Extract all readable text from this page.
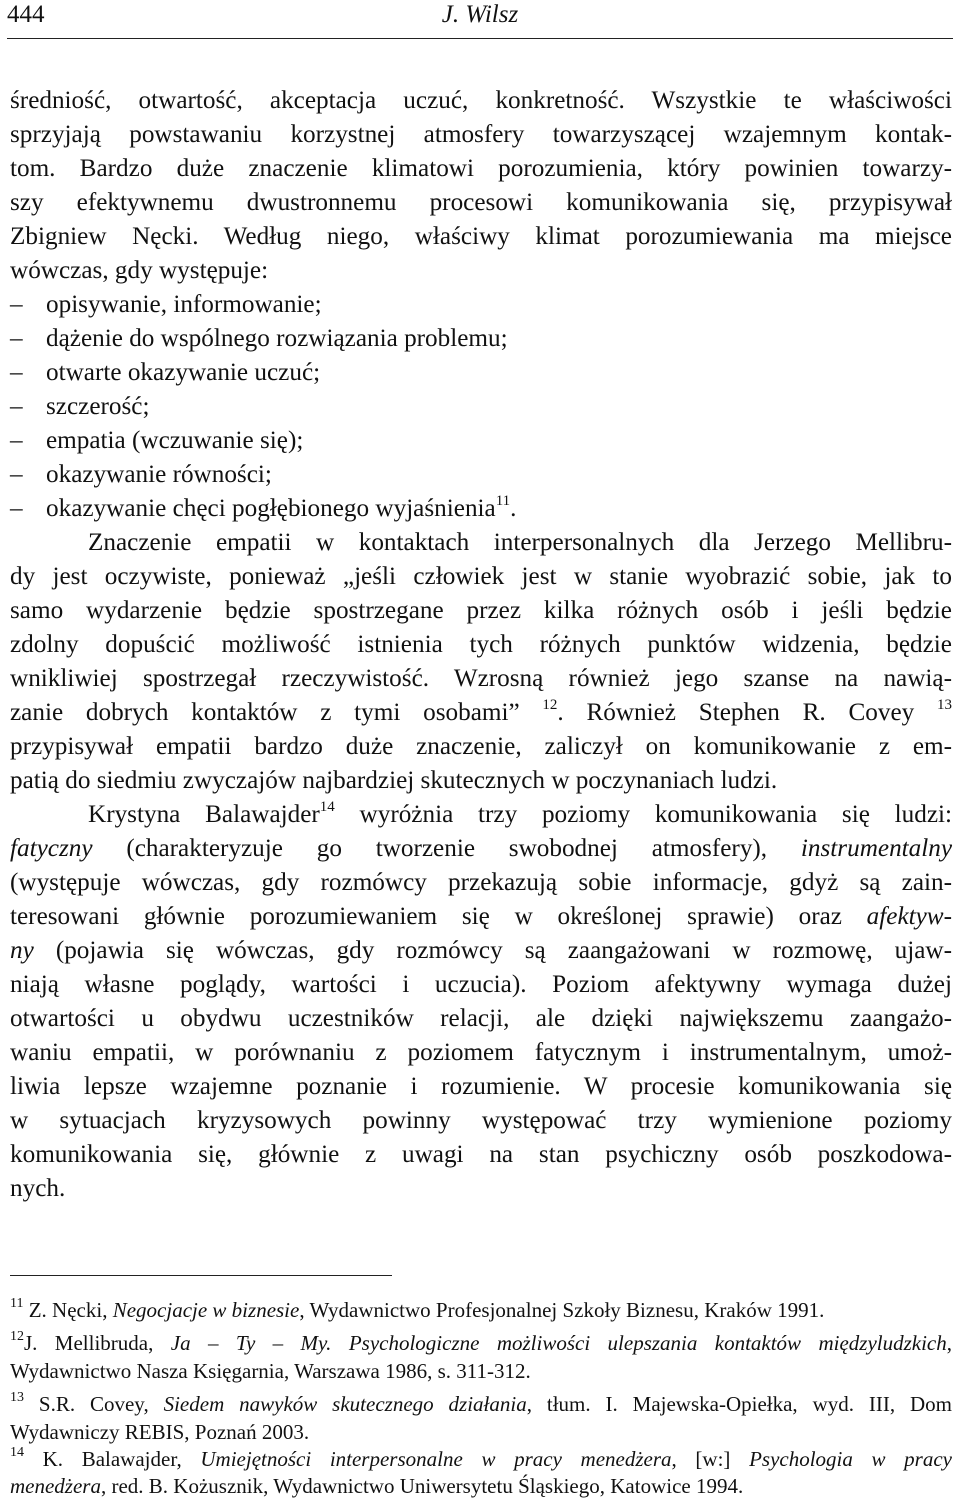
444	J. Wilsz
średniość, otwartość, akceptacja uczuć, konkretność. Wszystkie te właściwości
sprzyjają powstawaniu korzystnej atmosfery towarzyszącej wzajemnym kontak-
tom. Bardzo duże znaczenie klimatowi porozumienia, który powinien towarzy-
szy efektywnemu dwustronnemu procesowi komunikowania się, przypisywał
Zbigniew Nęcki. Według niego, właściwy klimat porozumiewania ma miejsce
wówczas, gdy występuje:
– opisywanie, informowanie;
– dążenie do wspólnego rozwiązania problemu;
– otwarte okazywanie uczuć;
– szczerość;
– empatia (wczuwanie się);
– okazywanie równości;
– okazywanie chęci pogłębionego wyjaśnienia$^{11}$.
Znaczenie empatii w kontaktach interpersonalnych dla Jerzego Mellibru-
dy jest oczywiste, ponieważ „jeśli człowiek jest w stanie wyobrazić sobie, jak to
samo wydarzenie będzie spostrzegane przez kilka różnych osób i jeśli będzie
zdolny dopuścić możliwość istnienia tych różnych punktów widzenia, będzie
wnikliwiej spostrzegał rzeczywistość. Wzrosną również jego szanse na nawią-
zanie dobrych kontaktów z tymi osobami” $^{12}$. Również Stephen R. Covey $^{13}$
przypisywał empatii bardzo duże znaczenie, zaliczył on komunikowanie z em-
patią do siedmiu zwyczajów najbardziej skutecznych w poczynaniach ludzi.
Krystyna Balawajder$^{14}$ wyróżnia trzy poziomy komunikowania się ludzi:
fatyczny (charakteryzuje go tworzenie swobodnej atmosfery), instrumentalny
(występuje wówczas, gdy rozmówcy przekazują sobie informacje, gdyż są zain-
teresowani głównie porozumiewaniem się w określonej sprawie) oraz afektyw-
ny (pojawia się wówczas, gdy rozmówcy są zaangażowani w rozmowę, ujaw-
niają własne poglądy, wartości i uczucia). Poziom afektywny wymaga dużej
otwartości u obydwu uczestników relacji, ale dzięki największemu zaangażo-
waniu empatii, w porównaniu z poziomem fatycznym i instrumentalnym, umoż-
liwia lepsze wzajemne poznanie i rozumienie. W procesie komunikowania się
w sytuacjach kryzysowych powinny występować trzy wymienione poziomy
komunikowania się, głównie z uwagi na stan psychiczny osób poszkodowa-
nych.
$^{11}$ Z. Nęcki, Negocjacje w biznesie, Wydawnictwo Profesjonalnej Szkoły Biznesu, Kraków 1991.
$^{12}$J. Mellibruda, Ja – Ty – My. Psychologiczne możliwości ulepszania kontaktów międzyludzkich,
Wydawnictwo Nasza Księgarnia, Warszawa 1986, s. 311-312.
$^{13}$ S.R. Covey, Siedem nawyków skutecznego działania, tłum. I. Majewska-Opiełka, wyd. III, Dom
Wydawniczy REBIS, Poznań 2003.
$^{14}$ K. Balawajder, Umiejętności interpersonalne w pracy menedżera, [w:] Psychologia w pracy
menedżera, red. B. Kożusznik, Wydawnictwo Uniwersytetu Śląskiego, Katowice 1994.
